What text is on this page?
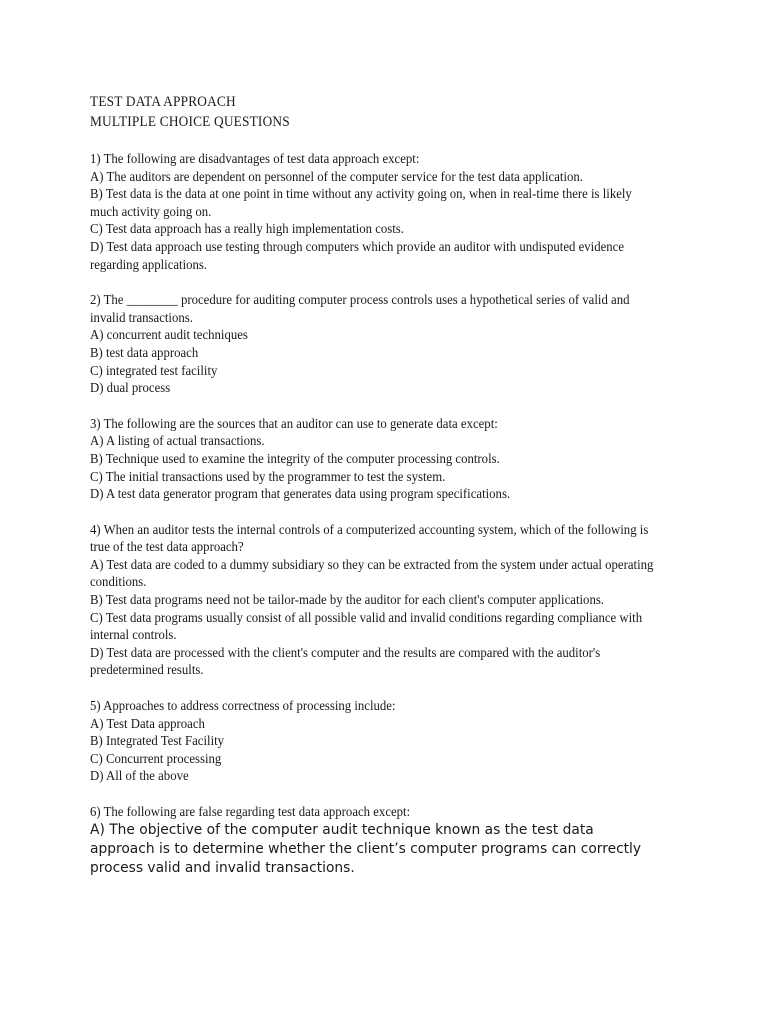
TEST DATA APPROACH
MULTIPLE CHOICE QUESTIONS
1) The following are disadvantages of test data approach except:
A) The auditors are dependent on personnel of the computer service for the test data application.
B) Test data is the data at one point in time without any activity going on, when in real-time there is likely much activity going on.
C) Test data approach has a really high implementation costs.
D) Test data approach use testing through computers which provide an auditor with undisputed evidence regarding applications.
2) The ________ procedure for auditing computer process controls uses a hypothetical series of valid and invalid transactions.
A) concurrent audit techniques
B) test data approach
C) integrated test facility
D) dual process
3) The following are the sources that an auditor can use to generate data except:
A) A listing of actual transactions.
B) Technique used to examine the integrity of the computer processing controls.
C) The initial transactions used by the programmer to test the system.
D) A test data generator program that generates data using program specifications.
4) When an auditor tests the internal controls of a computerized accounting system, which of the following is true of the test data approach?
A) Test data are coded to a dummy subsidiary so they can be extracted from the system under actual operating conditions.
B) Test data programs need not be tailor-made by the auditor for each client's computer applications.
C) Test data programs usually consist of all possible valid and invalid conditions regarding compliance with internal controls.
D) Test data are processed with the client's computer and the results are compared with the auditor's predetermined results.
5) Approaches to address correctness of processing include:
A) Test Data approach
B) Integrated Test Facility
C) Concurrent processing
D) All of the above
6) The following are false regarding test data approach except:
A) The objective of the computer audit technique known as the test data approach is to determine whether the client’s computer programs can correctly process valid and invalid transactions.
